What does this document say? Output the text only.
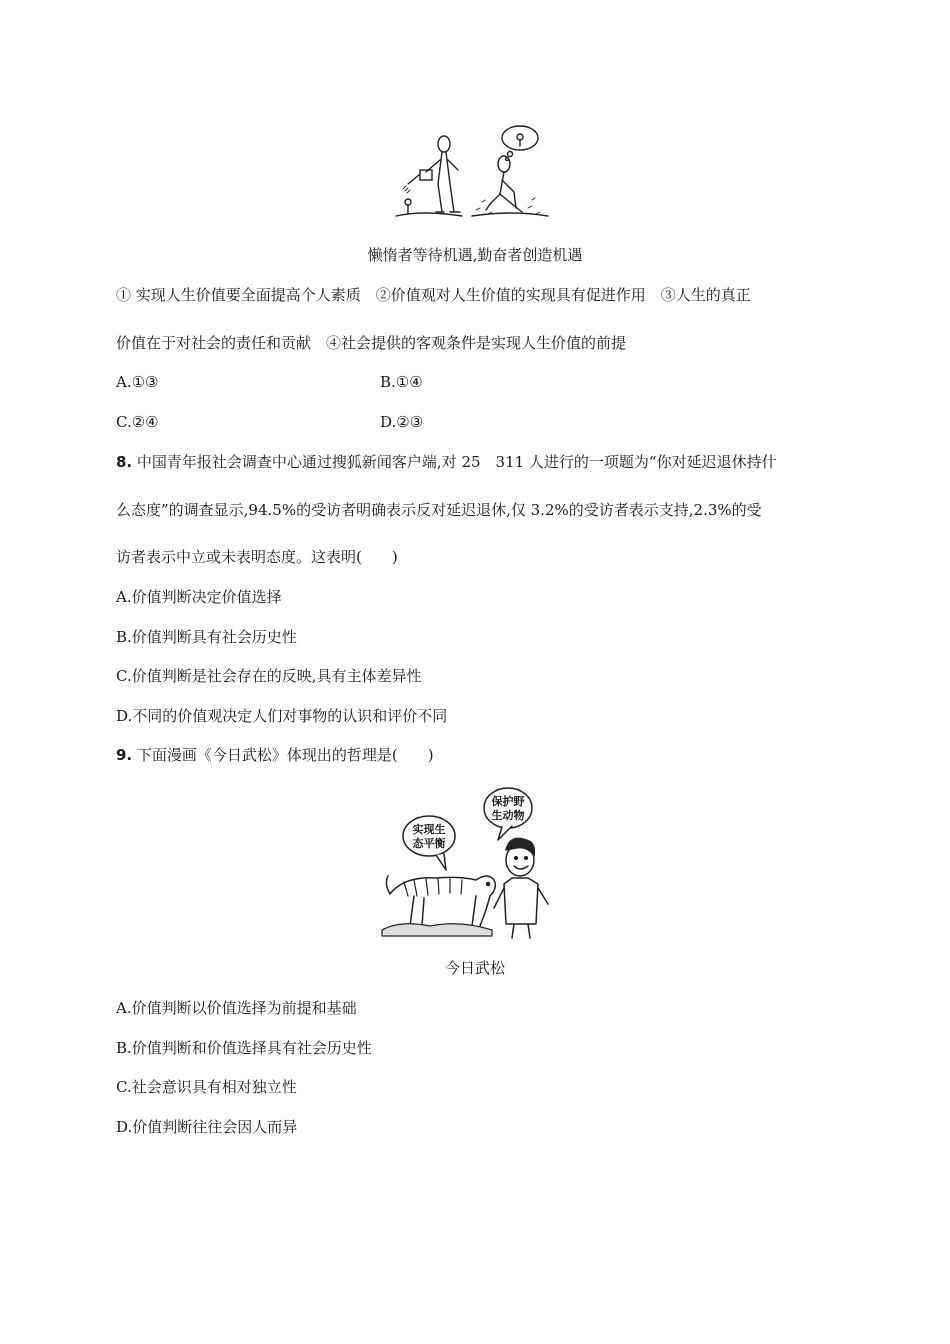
懒惰者等待机遇,勤奋者创造机遇
① 实现人生价值要全面提高个人素质　②价值观对人生价值的实现具有促进作用　③人生的真正
价值在于对社会的责任和贡献　④社会提供的客观条件是实现人生价值的前提
A.①③	B.①④
C.②④	D.②③
8. 中国青年报社会调查中心通过搜狐新闻客户端,对 25　311 人进行的一项题为“你对延迟退休持什
么态度”的调查显示,94.5%的受访者明确表示反对延迟退休,仅 3.2%的受访者表示支持,2.3%的受
访者表示中立或未表明态度。这表明(　　)
A.价值判断决定价值选择
B.价值判断具有社会历史性
C.价值判断是社会存在的反映,具有主体差异性
D.不同的价值观决定人们对事物的认识和评价不同
9. 下面漫画《今日武松》体现出的哲理是(　　)
实现生
态平衡
保护野
生动物
今日武松
A.价值判断以价值选择为前提和基础
B.价值判断和价值选择具有社会历史性
C.社会意识具有相对独立性
D.价值判断往往会因人而异
